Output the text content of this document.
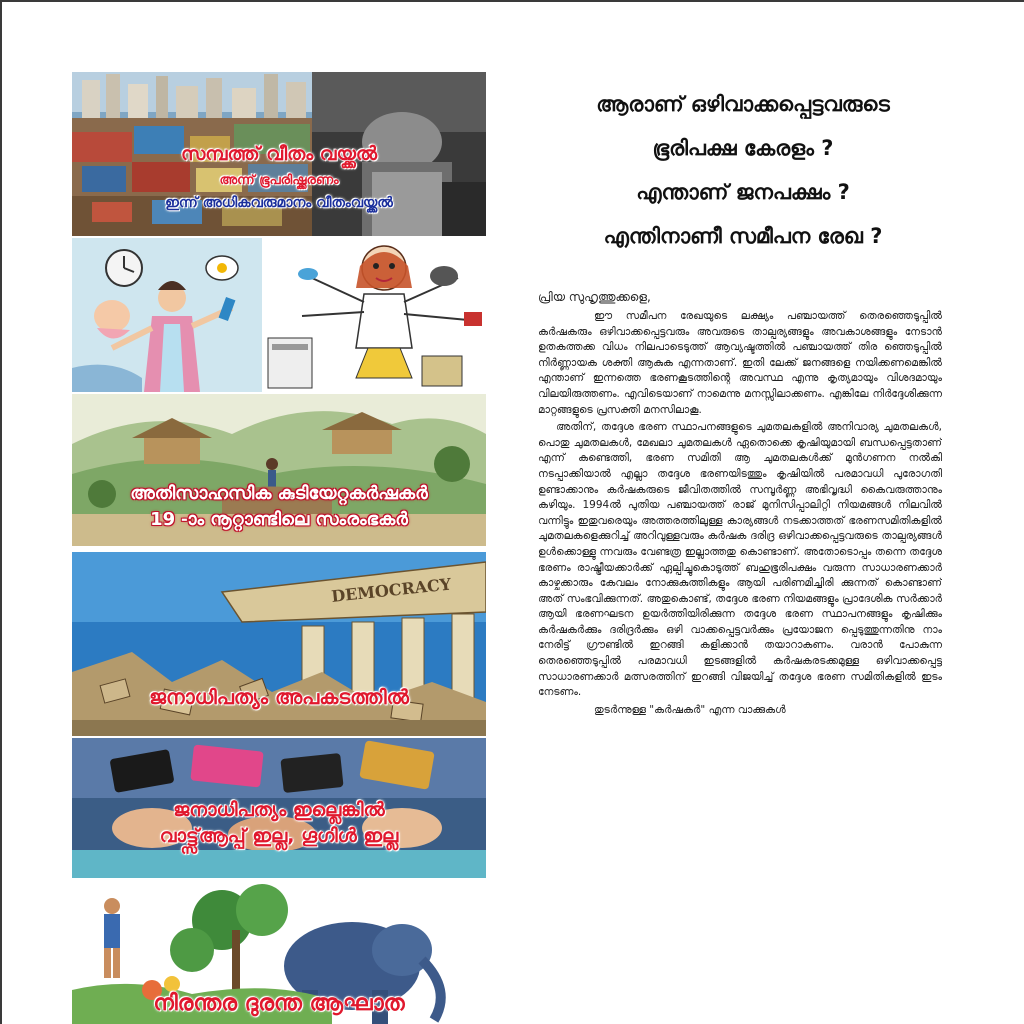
സമ്പത്ത് വീതം വയ്ക്കൽ
അന്ന് ഭൂപരിഷ്ക്കരണം
ഇന്ന് അധികവരുമാനം വീതംവയ്ക്കൽ
അതിസാഹസിക കുടിയേറ്റകർഷകർ
19 -ാം നൂറ്റാണ്ടിലെ സംരംഭകർ
DEMOCRACY
ജനാധിപത്യം അപകടത്തിൽ
ജനാധിപത്യം ഇല്ലെങ്കിൽ
വാട്ട്സ്ആപ്പ് ഇല്ല, ഗൂഗിൾ ഇല്ല
നിരന്തര ദുരന്ത ആഘാത
ആരാണ് ഒഴിവാക്കപ്പെട്ടവരുടെ
ഭൂരിപക്ഷ കേരളം ?
എന്താണ് ജനപക്ഷം ?
എന്തിനാണീ സമീപന രേഖ ?
പ്രിയ സുഹൃത്തുക്കളെ,

ഈ സമീപന രേഖയുടെ ലക്ഷ്യം പഞ്ചായത്ത് തെരഞ്ഞെടുപ്പിൽ കർഷകരും ഒഴിവാക്കപ്പെട്ടവരും അവരുടെ താല്പര്യങ്ങളും അവകാശങ്ങളും നേടാൻ ഉതകത്തക്ക വിധം നിലപാടെടുത്ത് ആവ്യഷ്ടത്തിൽ പഞ്ചായത്ത് തിര ഞ്ഞെടുപ്പിൽ നിർണ്ണായക ശക്തി ആകുക എന്നതാണ്. ഇതി ലേക്ക് ജനങ്ങളെ നയിക്കണമെങ്കിൽ എന്താണ് ഇന്നത്തെ ഭരണകൂടത്തിന്റെ അവസ്ഥ എന്നു കൃത്യമായും വിശദമായും വിലയിരുത്തണം. എവിടെയാണ് നാമെന്നു മനസ്സിലാക്കണം. എങ്കിലേ നിർദ്ദേശിക്കുന്ന മാറ്റങ്ങളുടെ പ്രസക്തി മനസിലാകൂ.

അതിന്, തദ്ദേശ ഭരണ സ്ഥാപനങ്ങളുടെ ചുമതലകളിൽ അനിവാര്യ ചുമതലകൾ, പൊതു ചുമതലകൾ, മേഖലാ ചുമതലകൾ ഏതൊക്കെ കൃഷിയുമായി ബന്ധപ്പെട്ടതാണ് എന്ന് കണ്ടെത്തി, ഭരണ സമിതി ആ ചുമതലകൾക്ക് മുൻഗണന നൽകി നടപ്പാക്കിയാൽ എല്ലാ തദ്ദേശ ഭരണയിടത്തും കൃഷിയിൽ പരമാവധി പുരോഗതി ഉണ്ടാക്കാനും കർഷകരുടെ ജീവിതത്തിൽ സമ്പൂർണ്ണ അഭിവൃദ്ധി കൈവരുത്താനും കഴിയും. 1994ൽ പുതിയ പഞ്ചായത്ത് രാജ് മുനിസിപ്പാലിറ്റി നിയമങ്ങൾ നിലവിൽ വന്നിട്ടും ഇതുവരെയും അത്തരത്തിലുള്ള കാര്യങ്ങൾ നടക്കാത്തത് ഭരണസമിതികളിൽ ചുമതലകളെക്കുറിച്ച് അറിവുള്ളവരും കർഷക ദരിദ്ര ഒഴിവാക്കപ്പെട്ടവരുടെ താല്പര്യങ്ങൾ ഉൾക്കൊള്ളു ന്നവരും വേണ്ടത്ര ഇല്ലാത്തതു കൊണ്ടാണ്. അതോടൊപ്പം തന്നെ തദ്ദേശ ഭരണം രാഷ്ട്രീയക്കാർക്ക് ഏല്പിച്ചുകൊടുത്ത് ബഹുഭൂരിപക്ഷം വരുന്ന സാധാരണക്കാർ കാഴ്ചക്കാരും കേവലം നോക്കുകുത്തികളും ആയി പരിണമിച്ചിരി ക്കുന്നത് കൊണ്ടാണ് അത് സംഭവിക്കുന്നത്. അതുകൊണ്ട്, തദ്ദേശ ഭരണ നിയമങ്ങളും പ്രാദേശിക സർക്കാർ ആയി ഭരണഘടന ഉയർത്തിയിരിക്കുന്ന തദ്ദേശ ഭരണ സ്ഥാപനങ്ങളും കൃഷിക്കും കർഷകർക്കും ദരിദ്രർക്കും ഒഴി വാക്കപ്പെട്ടവർക്കും പ്രയോജന പ്പെടുത്തുന്നതിനു നാം നേരിട്ട് ഗ്രൗണ്ടിൽ ഇറങ്ങി കളിക്കാൻ തയാറാകണം. വരാൻ പോകുന്ന തെരഞ്ഞെടുപ്പിൽ പരമാവധി ഇടങ്ങളിൽ കർഷകരടക്കമുള്ള ഒഴിവാക്കപ്പെട്ട സാധാരണക്കാർ മത്സരത്തിന് ഇറങ്ങി വിജയിച്ച് തദ്ദേശ ഭരണ സമിതികളിൽ ഇടം നേടണം.

തുടർന്നുള്ള "കർഷകർ" എന്ന വാക്കുകൾ
